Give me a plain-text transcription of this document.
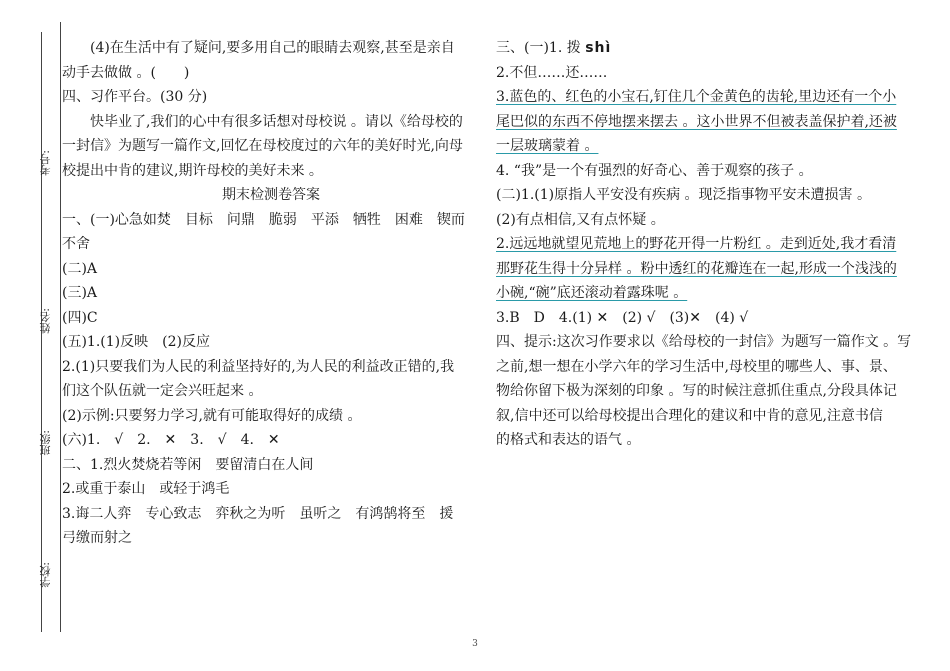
考号:
姓名:
班级:
学校:
(4)在生活中有了疑问,要多用自己的眼睛去观察,甚至是亲自
动手去做做 。(　　)
四、习作平台。(30 分)
快毕业了,我们的心中有很多话想对母校说 。请以《给母校的
一封信》为题写一篇作文,回忆在母校度过的六年的美好时光,向母
校提出中肯的建议,期许母校的美好未来 。
期末检测卷答案
一、(一)心急如焚　目标　问鼎　脆弱　平添　牺牲　困难　锲而
不舍
(二)A
(三)A
(四)C
(五)1.(1)反映　(2)反应
2.(1)只要我们为人民的利益坚持好的,为人民的利益改正错的,我
们这个队伍就一定会兴旺起来 。
(2)示例:只要努力学习,就有可能取得好的成绩 。
(六)1.　√　2.　✕　3.　√　4.　✕
二、1.烈火焚烧若等闲　要留清白在人间
2.或重于泰山　或轻于鸿毛
3.诲二人弈　专心致志　弈秋之为听　虽听之　有鸿鹄将至　援
弓缴而射之
三、(一)1. 拨 shì
2.不但……还……
3.蓝色的、红色的小宝石,钉住几个金黄色的齿轮,里边还有一个小
尾巴似的东西不停地摆来摆去 。这小世界不但被表盖保护着,还被
一层玻璃蒙着 。
4. “我”是一个有强烈的好奇心、善于观察的孩子 。
(二)1.(1)原指人平安没有疾病 。现泛指事物平安未遭损害 。
(2)有点相信,又有点怀疑 。
2.远远地就望见荒地上的野花开得一片粉红 。走到近处,我才看清
那野花生得十分异样 。粉中透红的花瓣连在一起,形成一个浅浅的
小碗,“碗”底还滚动着露珠呢 。
3.B　D　4.(1) ✕　(2) √　(3)✕　(4) √
四、提示:这次习作要求以《给母校的一封信》为题写一篇作文 。写
之前,想一想在小学六年的学习生活中,母校里的哪些人、事、景、
物给你留下极为深刻的印象 。写的时候注意抓住重点,分段具体记
叙,信中还可以给母校提出合理化的建议和中肯的意见,注意书信
的格式和表达的语气 。
3
